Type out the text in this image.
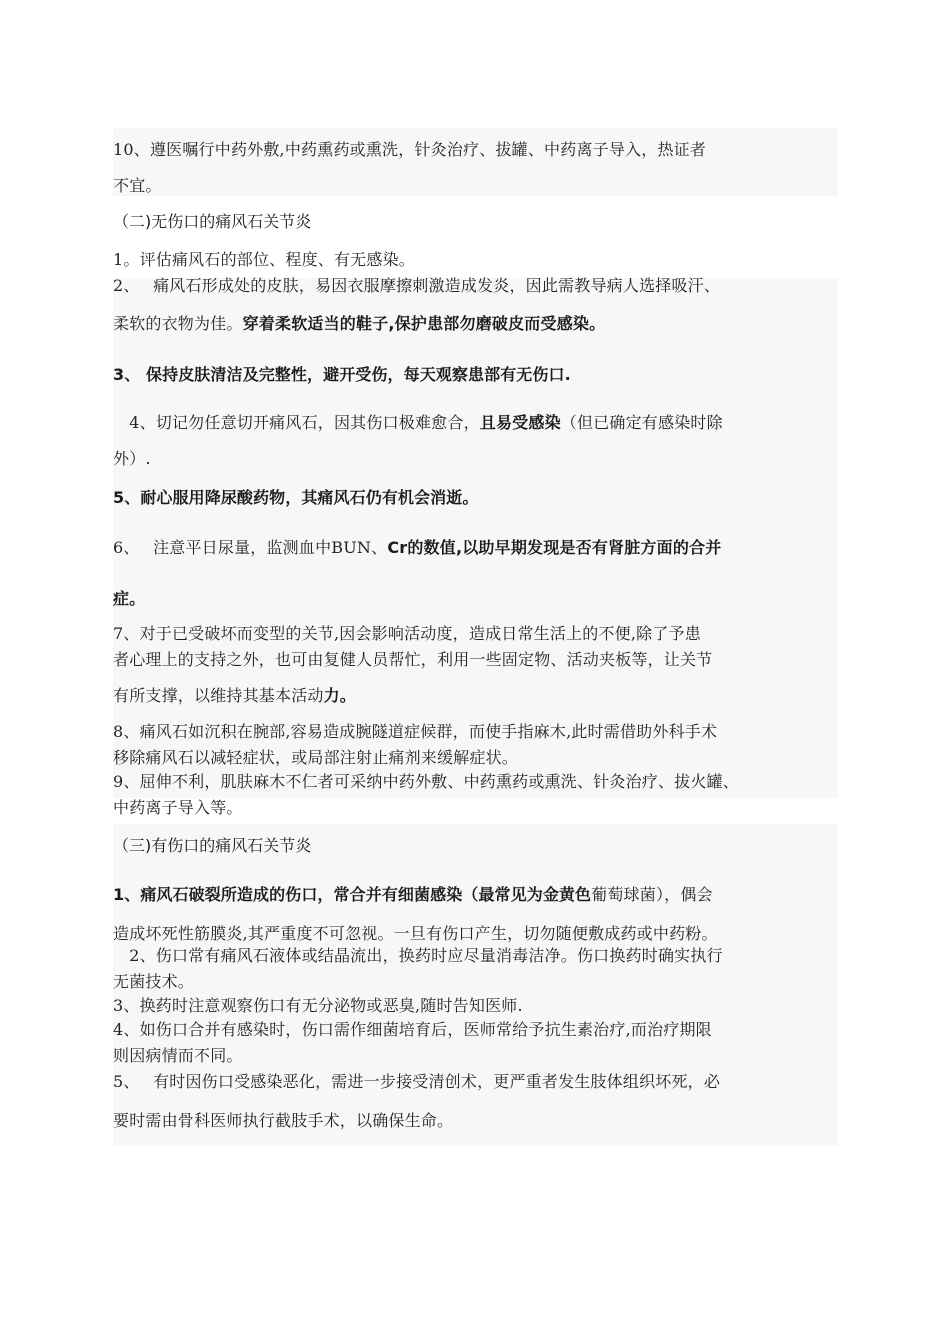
10、遵医嘱行中药外敷,中药熏药或熏洗，针灸治疗、拔罐、中药离子导入，热证者

不宜。

（二)无伤口的痛风石关节炎

1。评估痛风石的部位、程度、有无感染。

2、　 痛风石形成处的皮肤，易因衣服摩擦刺激造成发炎，因此需教导病人选择吸汗、

柔软的衣物为佳。穿着柔软适当的鞋子,保护患部勿磨破皮而受感染。

3、 保持皮肤清洁及完整性，避开受伤，每天观察患部有无伤口.

　4、切记勿任意切开痛风石，因其伤口极难愈合，且易受感染（但已确定有感染时除

外）.

5、耐心服用降尿酸药物，其痛风石仍有机会消逝。

6、　 注意平日尿量，监测血中BUN、Cr的数值,以助早期发现是否有肾脏方面的合并

症。

7、对于已受破坏而变型的关节,因会影响活动度，造成日常生活上的不便,除了予患

者心理上的支持之外，也可由复健人员帮忙，利用一些固定物、活动夹板等，让关节

有所支撑，以维持其基本活动力。

8、痛风石如沉积在腕部,容易造成腕隧道症候群，而使手指麻木,此时需借助外科手术

移除痛风石以减轻症状，或局部注射止痛剂来缓解症状。

9、屈伸不利，肌肤麻木不仁者可采纳中药外敷、中药熏药或熏洗、针灸治疗、拔火罐、

中药离子导入等。

（三)有伤口的痛风石关节炎

1、痛风石破裂所造成的伤口，常合并有细菌感染（最常见为金黄色葡萄球菌），偶会

造成坏死性筋膜炎,其严重度不可忽视。一旦有伤口产生，切勿随便敷成药或中药粉。

　2、伤口常有痛风石液体或结晶流出，换药时应尽量消毒洁净。伤口换药时确实执行

无菌技术。

3、换药时注意观察伤口有无分泌物或恶臭,随时告知医师.

4、如伤口合并有感染时，伤口需作细菌培育后，医师常给予抗生素治疗,而治疗期限

则因病情而不同。

5、　 有时因伤口受感染恶化，需进一步接受清创术，更严重者发生肢体组织坏死，必

要时需由骨科医师执行截肢手术，以确保生命。
